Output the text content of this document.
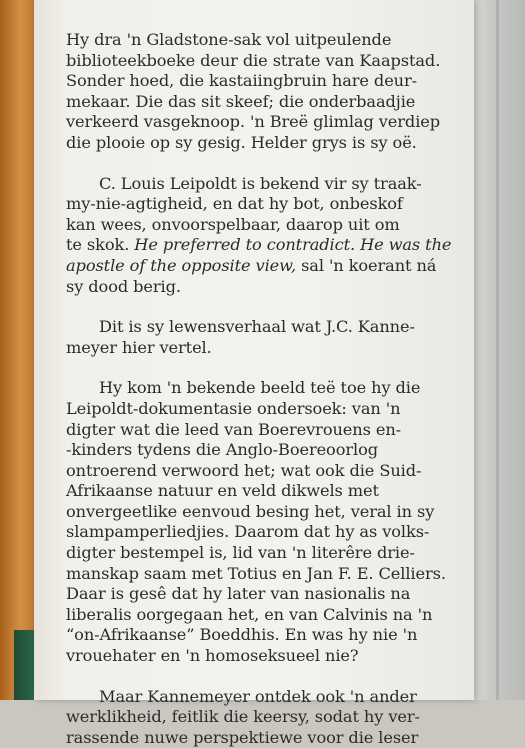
Hy dra 'n Gladstone-sak vol uitpeulende
biblioteekboeke deur die strate van Kaapstad.
Sonder hoed, die kastaiingbruin hare deur-
mekaar. Die das sit skeef; die onderbaadjie
verkeerd vasgeknoop. 'n Breë glimlag verdiep
die plooie op sy gesig. Helder grys is sy oë.

C. Louis Leipoldt is bekend vir sy traak-
my-nie-agtigheid, en dat hy bot, onbeskof
kan wees, onvoorspelbaar, daarop uit om
te skok. He preferred to contradict. He was the
apostle of the opposite view, sal 'n koerant ná
sy dood berig.

Dit is sy lewensverhaal wat J.C. Kanne-
meyer hier vertel.

Hy kom 'n bekende beeld teë toe hy die
Leipoldt-dokumentasie ondersoek: van 'n
digter wat die leed van Boerevrouens en-
-kinders tydens die Anglo-Boereoorlog
ontroerend verwoord het; wat ook die Suid-
Afrikaanse natuur en veld dikwels met
onvergeetlike eenvoud besing het, veral in sy
slampamperliedjies. Daarom dat hy as volks-
digter bestempel is, lid van 'n literêre drie-
manskap saam met Totius en Jan F. E. Celliers.
Daar is gesê dat hy later van nasionalis na
liberalis oorgegaan het, en van Calvinis na 'n
“on-Afrikaanse” Boeddhis. En was hy nie 'n
vrouehater en 'n homoseksueel nie?

Maar Kannemeyer ontdek ook 'n ander
werklikheid, feitlik die keersy, sodat hy ver-
rassende nuwe perspektiewe voor die leser
